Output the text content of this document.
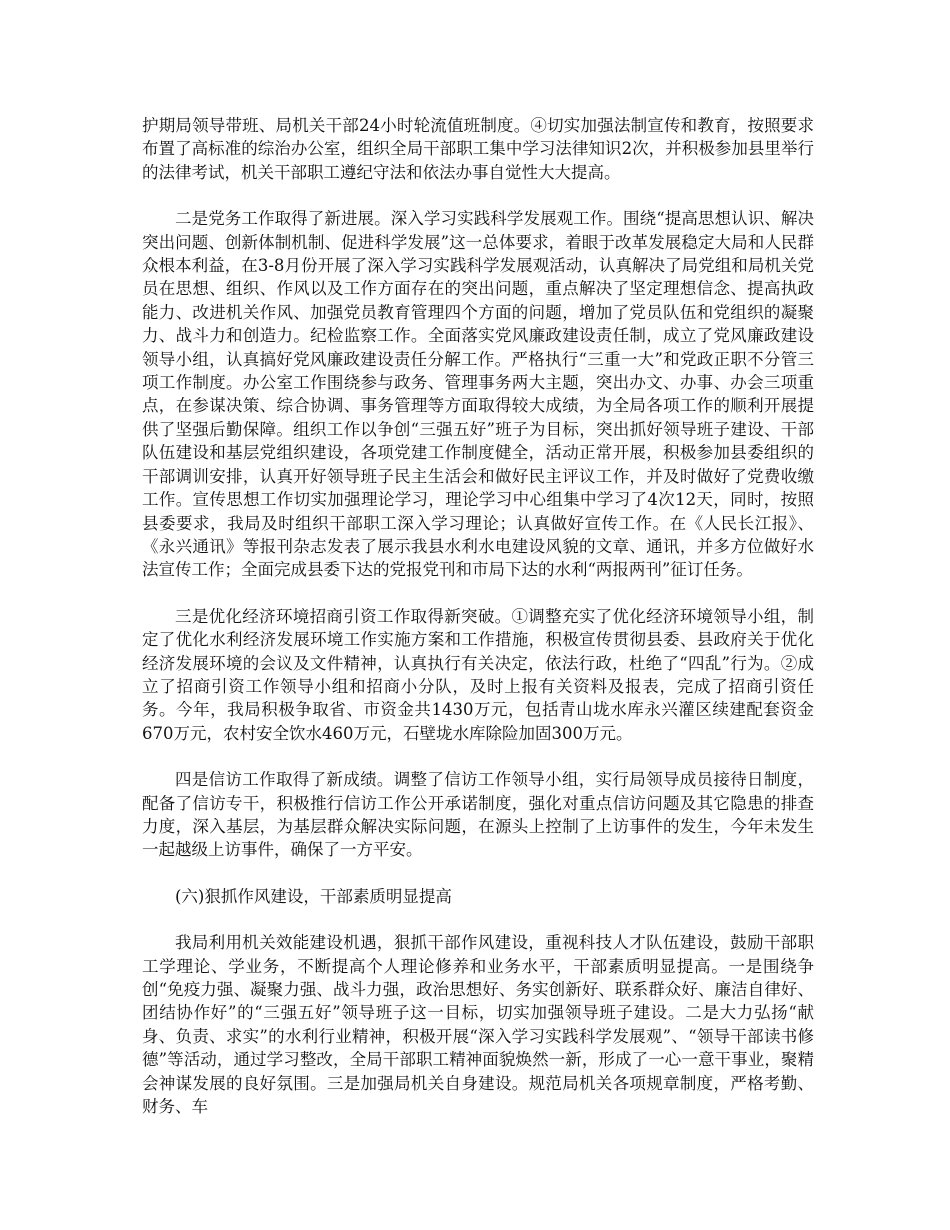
护期局领导带班、局机关干部24小时轮流值班制度。④切实加强法制宣传和教育，按照要求布置了高标准的综治办公室，组织全局干部职工集中学习法律知识2次，并积极参加县里举行的法律考试，机关干部职工遵纪守法和依法办事自觉性大大提高。

二是党务工作取得了新进展。深入学习实践科学发展观工作。围绕“提高思想认识、解决突出问题、创新体制机制、促进科学发展”这一总体要求，着眼于改革发展稳定大局和人民群众根本利益，在3-8月份开展了深入学习实践科学发展观活动，认真解决了局党组和局机关党员在思想、组织、作风以及工作方面存在的突出问题，重点解决了坚定理想信念、提高执政能力、改进机关作风、加强党员教育管理四个方面的问题，增加了党员队伍和党组织的凝聚力、战斗力和创造力。纪检监察工作。全面落实党风廉政建设责任制，成立了党风廉政建设领导小组，认真搞好党风廉政建设责任分解工作。严格执行“三重一大”和党政正职不分管三项工作制度。办公室工作围绕参与政务、管理事务两大主题，突出办文、办事、办会三项重点，在参谋决策、综合协调、事务管理等方面取得较大成绩，为全局各项工作的顺利开展提供了坚强后勤保障。组织工作以争创“三强五好”班子为目标，突出抓好领导班子建设、干部队伍建设和基层党组织建设，各项党建工作制度健全，活动正常开展，积极参加县委组织的干部调训安排，认真开好领导班子民主生活会和做好民主评议工作，并及时做好了党费收缴工作。宣传思想工作切实加强理论学习，理论学习中心组集中学习了4次12天，同时，按照县委要求，我局及时组织干部职工深入学习理论；认真做好宣传工作。在《人民长江报》、《永兴通讯》等报刊杂志发表了展示我县水利水电建设风貌的文章、通讯，并多方位做好水法宣传工作；全面完成县委下达的党报党刊和市局下达的水利“两报两刊”征订任务。

三是优化经济环境招商引资工作取得新突破。①调整充实了优化经济环境领导小组，制定了优化水利经济发展环境工作实施方案和工作措施，积极宣传贯彻县委、县政府关于优化经济发展环境的会议及文件精神，认真执行有关决定，依法行政，杜绝了“四乱”行为。②成立了招商引资工作领导小组和招商小分队，及时上报有关资料及报表，完成了招商引资任务。今年，我局积极争取省、市资金共1430万元，包括青山垅水库永兴灌区续建配套资金670万元，农村安全饮水460万元，石壁垅水库除险加固300万元。

四是信访工作取得了新成绩。调整了信访工作领导小组，实行局领导成员接待日制度，配备了信访专干，积极推行信访工作公开承诺制度，强化对重点信访问题及其它隐患的排查力度，深入基层，为基层群众解决实际问题，在源头上控制了上访事件的发生，今年未发生一起越级上访事件，确保了一方平安。

(六)狠抓作风建设，干部素质明显提高

我局利用机关效能建设机遇，狠抓干部作风建设，重视科技人才队伍建设，鼓励干部职工学理论、学业务，不断提高个人理论修养和业务水平，干部素质明显提高。一是围绕争创“免疫力强、凝聚力强、战斗力强，政治思想好、务实创新好、联系群众好、廉洁自律好、团结协作好”的“三强五好”领导班子这一目标，切实加强领导班子建设。二是大力弘扬“献身、负责、求实”的水利行业精神，积极开展“深入学习实践科学发展观”、“领导干部读书修德”等活动，通过学习整改，全局干部职工精神面貌焕然一新，形成了一心一意干事业，聚精会神谋发展的良好氛围。三是加强局机关自身建设。规范局机关各项规章制度，严格考勤、财务、车
